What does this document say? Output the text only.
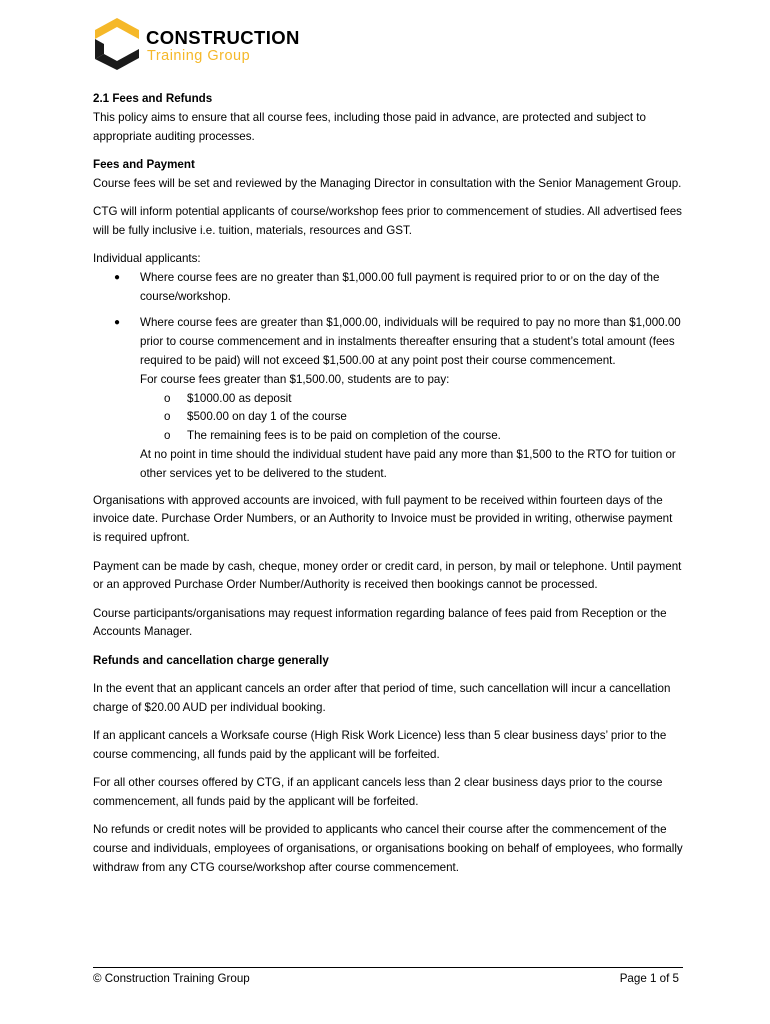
CONSTRUCTION
Training Group

2.1 Fees and Refunds

This policy aims to ensure that all course fees, including those paid in advance, are protected and subject to appropriate auditing processes.

Fees and Payment

Course fees will be set and reviewed by the Managing Director in consultation with the Senior Management Group.

CTG will inform potential applicants of course/workshop fees prior to commencement of studies. All advertised fees will be fully inclusive i.e. tuition, materials, resources and GST.

Individual applicants:

● Where course fees are no greater than $1,000.00 full payment is required prior to or on the day of the course/workshop.
● Where course fees are greater than $1,000.00, individuals will be required to pay no more than $1,000.00 prior to course commencement and in instalments thereafter ensuring that a student’s total amount (fees required to be paid) will not exceed $1,500.00 at any point post their course commencement.
For course fees greater than $1,500.00, students are to pay:
o $1000.00 as deposit
o $500.00 on day 1 of the course
o The remaining fees is to be paid on completion of the course.
At no point in time should the individual student have paid any more than $1,500 to the RTO for tuition or other services yet to be delivered to the student.

Organisations with approved accounts are invoiced, with full payment to be received within fourteen days of the invoice date. Purchase Order Numbers, or an Authority to Invoice must be provided in writing, otherwise payment is required upfront.

Payment can be made by cash, cheque, money order or credit card, in person, by mail or telephone. Until payment or an approved Purchase Order Number/Authority is received then bookings cannot be processed.

Course participants/organisations may request information regarding balance of fees paid from Reception or the Accounts Manager.

Refunds and cancellation charge generally

In the event that an applicant cancels an order after that period of time, such cancellation will incur a cancellation charge of $20.00 AUD per individual booking.

If an applicant cancels a Worksafe course (High Risk Work Licence) less than 5 clear business days’ prior to the course commencing, all funds paid by the applicant will be forfeited.

For all other courses offered by CTG, if an applicant cancels less than 2 clear business days prior to the course commencement, all funds paid by the applicant will be forfeited.

No refunds or credit notes will be provided to applicants who cancel their course after the commencement of the course and individuals, employees of organisations, or organisations booking on behalf of employees, who formally withdraw from any CTG course/workshop after course commencement.

© Construction Training Group	Page 1 of 5
